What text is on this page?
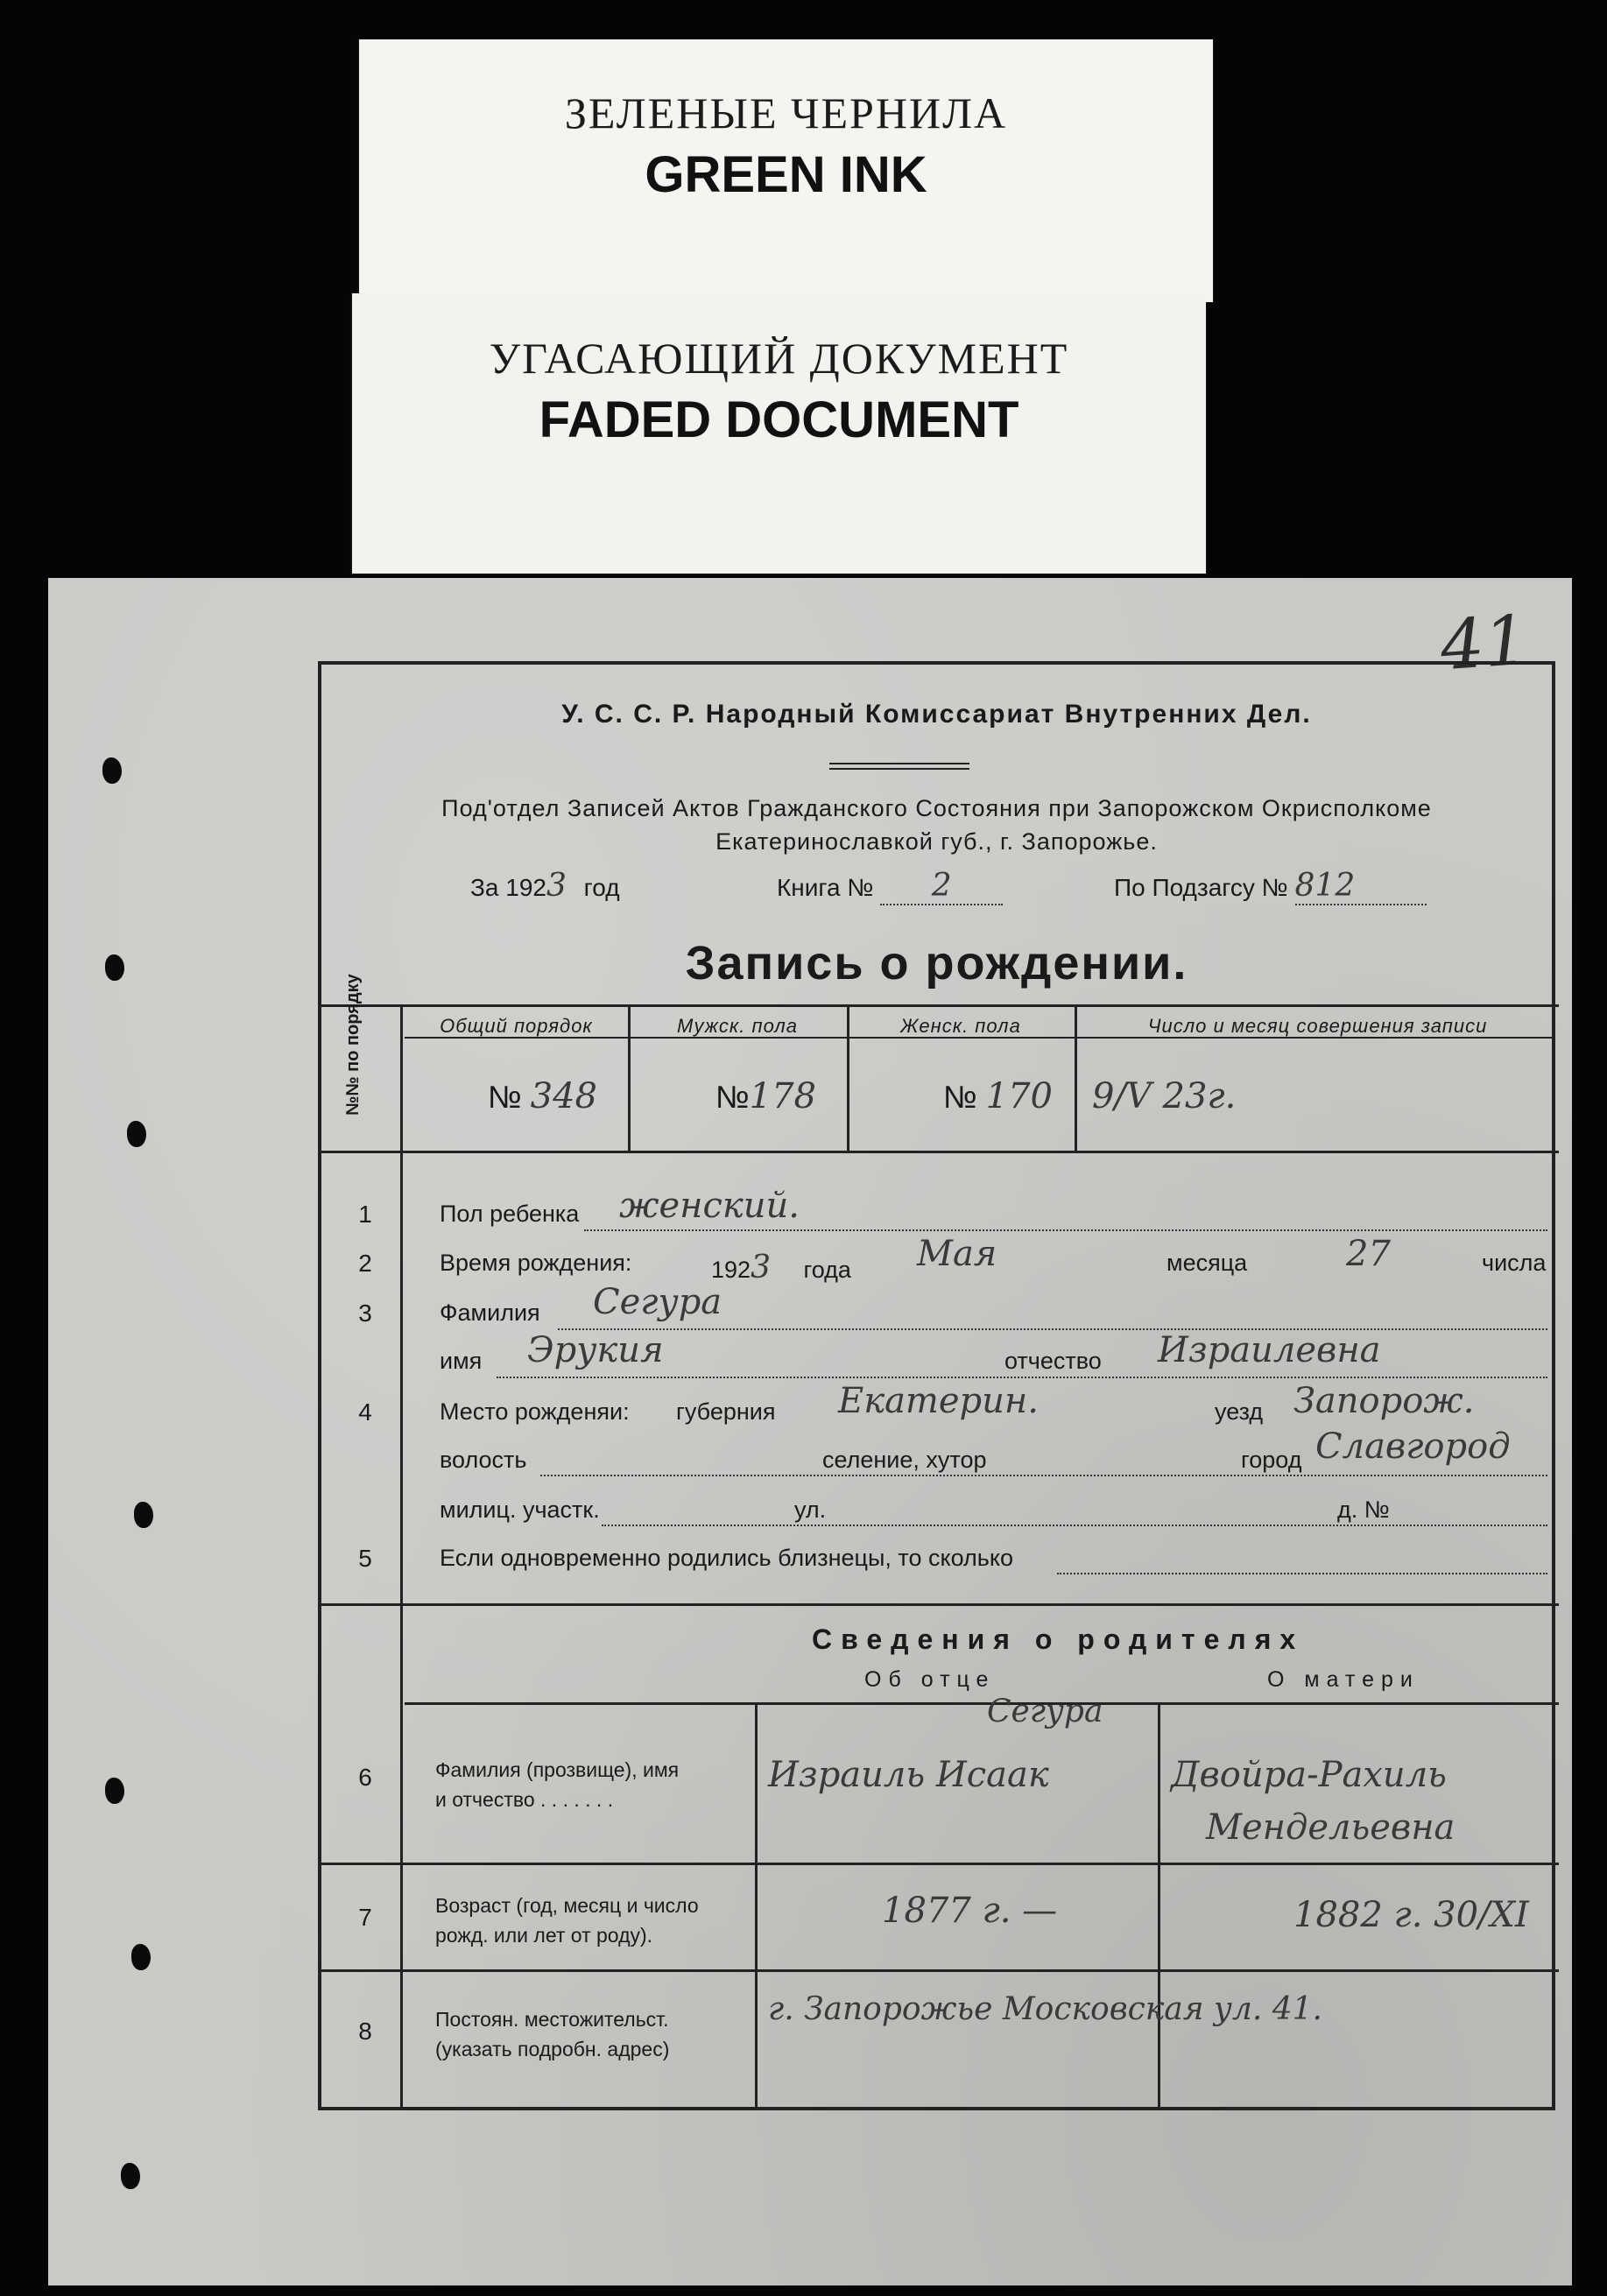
ЗЕЛЕНЫЕ ЧЕРНИЛА
GREEN INK
УГАСАЮЩИЙ ДОКУМЕНТ
FADED DOCUMENT
41
У. С. С. Р. Народный Комиссариат Внутренних Дел.
Под'отдел Записей Актов Гражданского Состояния при Запорожском Окрисполкоме
Екатеринославкой губ., г. Запорожье.
За 1923 год	Книга № 2	По Подзагсу № 812
Запись о рождении.
№№ по порядку	Общий порядок	Мужск. пола	Женск. пола	Число и месяц совершения записи
№ 348	№178	№ 170 9/V 23г.
1	Пол ребенка женский.
2	Время рождения:	1923 года Мая	месяца	27	числа
3	Фамилия Сегура
имя Эрукия	отчество Израилевна
4	Место рожденяи: губерния Екатерин.	уезд Запорож.
волость	селение, хутор	город Славгород
милиц. участк.	ул.	д. №
5	Если одновременно родились близнецы, то сколько
Сведения о родителях
Об отце	О матери
6	Фамилия (прозвище), имя
и отчество . . . . . . .
Сегура
Израиль Исаак	Двойра-Рахиль
Мендельевна
7	Возраст (год, месяц и число
рожд. или лет от роду).
1877 г. —	1882 г. 30/XI
8	Постоян. местожительст.
(указать подробн. адрес)
г. Запорожье Московская ул. 41.
